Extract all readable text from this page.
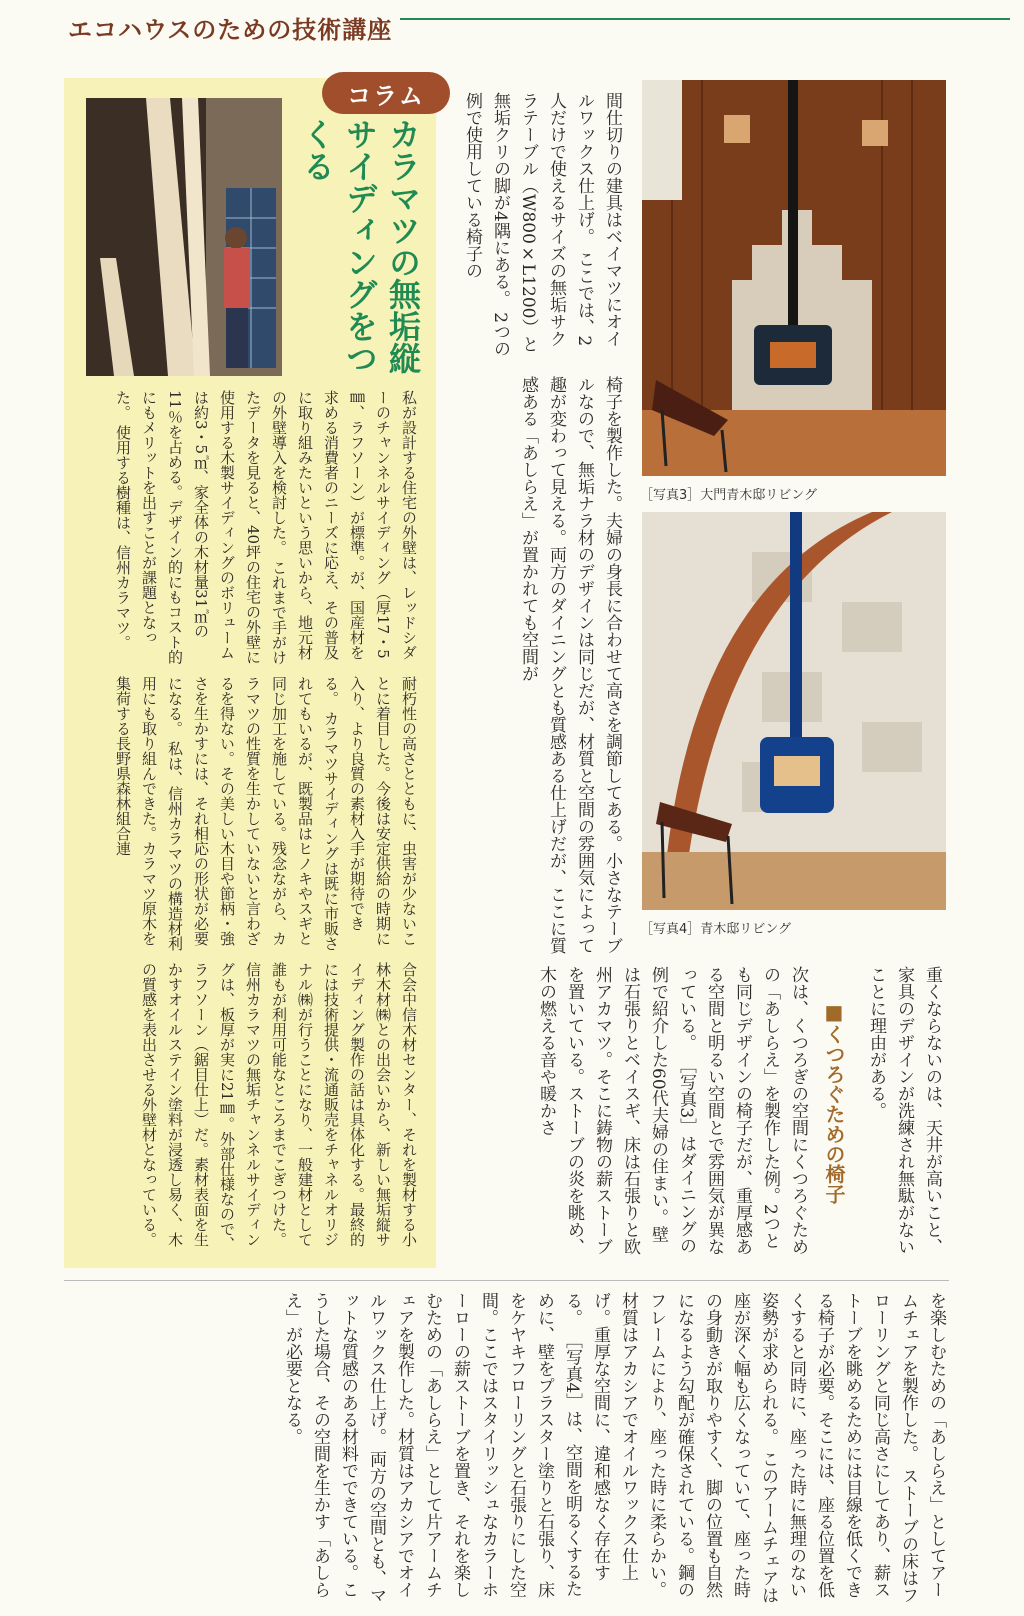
エコハウスのための技術講座
コラム
カラマツの無垢縦サイディングをつくる
私が設計する住宅の外壁は、レッドシダーのチャンネルサイディング（厚17・5㎜、ラフソーン）が標準。が、国産材を求める消費者のニーズに応え、その普及に取り組みたいという思いから、地元材の外壁導入を検討した。 これまで手がけたデータを見ると、40坪の住宅の外壁に使用する木製サイディングのボリュームは約3・5㎥、家全体の木材量31㎥の11％を占める。デザイン的にもコスト的にもメリットを出すことが課題となった。 使用する樹種は、信州カラマツ。
耐朽性の高さとともに、虫害が少ないことに着目した。今後は安定供給の時期に入り、より良質の素材入手が期待できる。 カラマツサイディングは既に市販されてもいるが、既製品はヒノキやスギと同じ加工を施している。残念ながら、カラマツの性質を生かしていないと言わざるを得ない。その美しい木目や節柄・強さを生かすには、それ相応の形状が必要になる。 私は、信州カラマツの構造材利用にも取り組んできた。カラマツ原木を集荷する長野県森林組合連
合会中信木材センター、それを製材する小林木材㈱との出会いから、新しい無垢縦サイディング製作の話は具体化する。最終的には技術提供・流通販売をチャネルオリジナル㈱が行うことになり、一般建材として誰もが利用可能なところまでこぎつけた。 信州カラマツの無垢チャンネルサイディングは、板厚が実に21㎜。外部仕様なので、ラフソーン（鋸目仕上）だ。素材表面を生かすオイルステイン塗料が浸透し易く、木の質感を表出させる外壁材となっている。
間仕切りの建具はベイマツにオイルワックス仕上げ。 ここでは、2人だけで使えるサイズの無垢サクラテーブル（W800×L1200）と無垢クリの脚が4隅にある。 2つの例で使用している椅子の
椅子を製作した。夫婦の身長に合わせて高さを調節してある。小さなテーブルなので、無垢ナラ材のデザインは同じだが、材質と空間の雰囲気によって趣が変わって見える。両方のダイニングとも質感ある仕上げだが、ここに質感ある「あしらえ」が置かれても空間が	［写真3］大門青木邸リビング
［写真4］青木邸リビング
重くならないのは、天井が高いこと、家具のデザインが洗練され無駄がないことに理由がある。
■くつろぐための椅子
次は、くつろぎの空間にくつろぐための「あしらえ」を製作した例。2つとも同じデザインの椅子だが、重厚感ある空間と明るい空間とで雰囲気が異なっている。 ［写真3］はダイニングの例で紹介した60代夫婦の住まい。壁は石張りとベイスギ、床は石張りと欧州アカマツ。そこに鋳物の薪ストーブを置いている。ストーブの炎を眺め、木の燃える音や暖かさ
を楽しむための「あしらえ」としてアームチェアを製作した。 ストーブの床はフローリングと同じ高さにしてあり、薪ストーブを眺めるためには目線を低くできる椅子が必要。そこには、座る位置を低くすると同時に、座った時に無理のない姿勢が求められる。 このアームチェアは座が深く幅も広くなっていて、座った時の身動きが取りやすく、脚の位置も自然になるよう勾配が確保されている。鋼のフレームにより、座った時に柔らかい。材質はアカシアでオイルワックス仕上げ。重厚な空間に、違和感なく存在する。 ［写真4］は、空間を明るくするために、壁をプラスター塗りと石張り、床をケヤキフローリングと石張りにした空間。ここではスタイリッシュなカラーホーローの薪ストーブを置き、それを楽しむための「あしらえ」として片アームチェアを製作した。材質はアカシアでオイルワックス仕上げ。 両方の空間とも、マットな質感のある材料でできている。こうした場合、その空間を生かす「あしらえ」が必要となる。
